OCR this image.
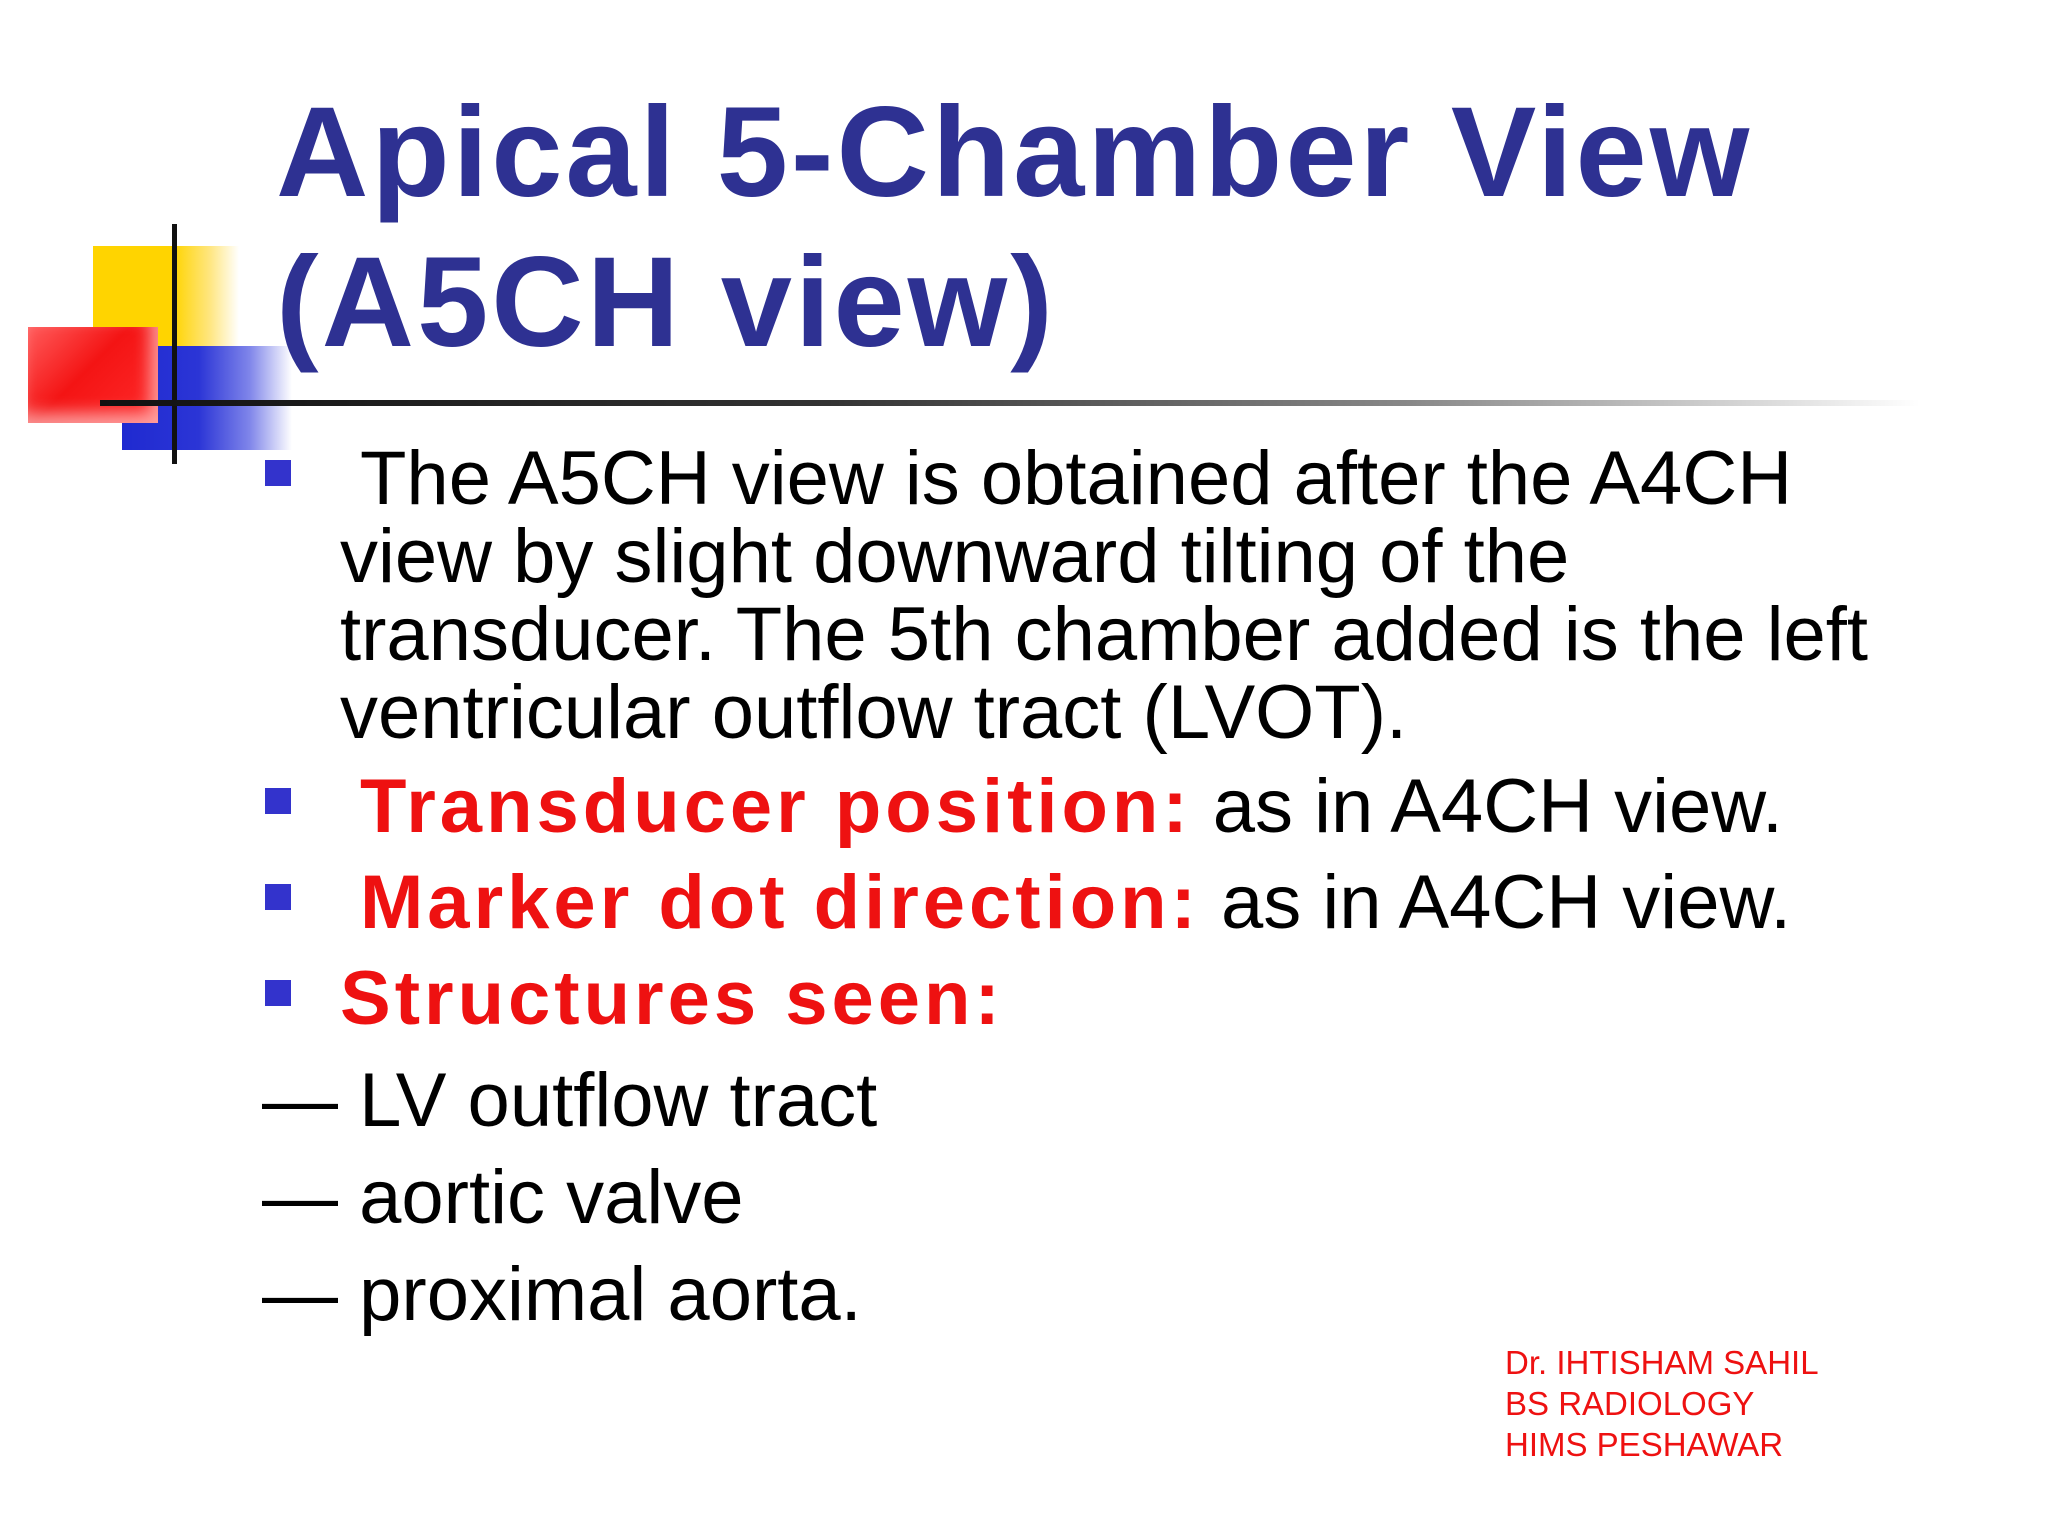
Apical 5-Chamber View
(A5CH view)
The A5CH view is obtained after the A4CH
view by slight downward tilting of the
transducer. The 5th chamber added is the left
ventricular outflow tract (LVOT).
Transducer position: as in A4CH view.
Marker dot direction: as in A4CH view.
Structures seen:
— LV outflow tract
— aortic valve
— proximal aorta.
Dr. IHTISHAM SAHIL
BS RADIOLOGY
HIMS PESHAWAR
